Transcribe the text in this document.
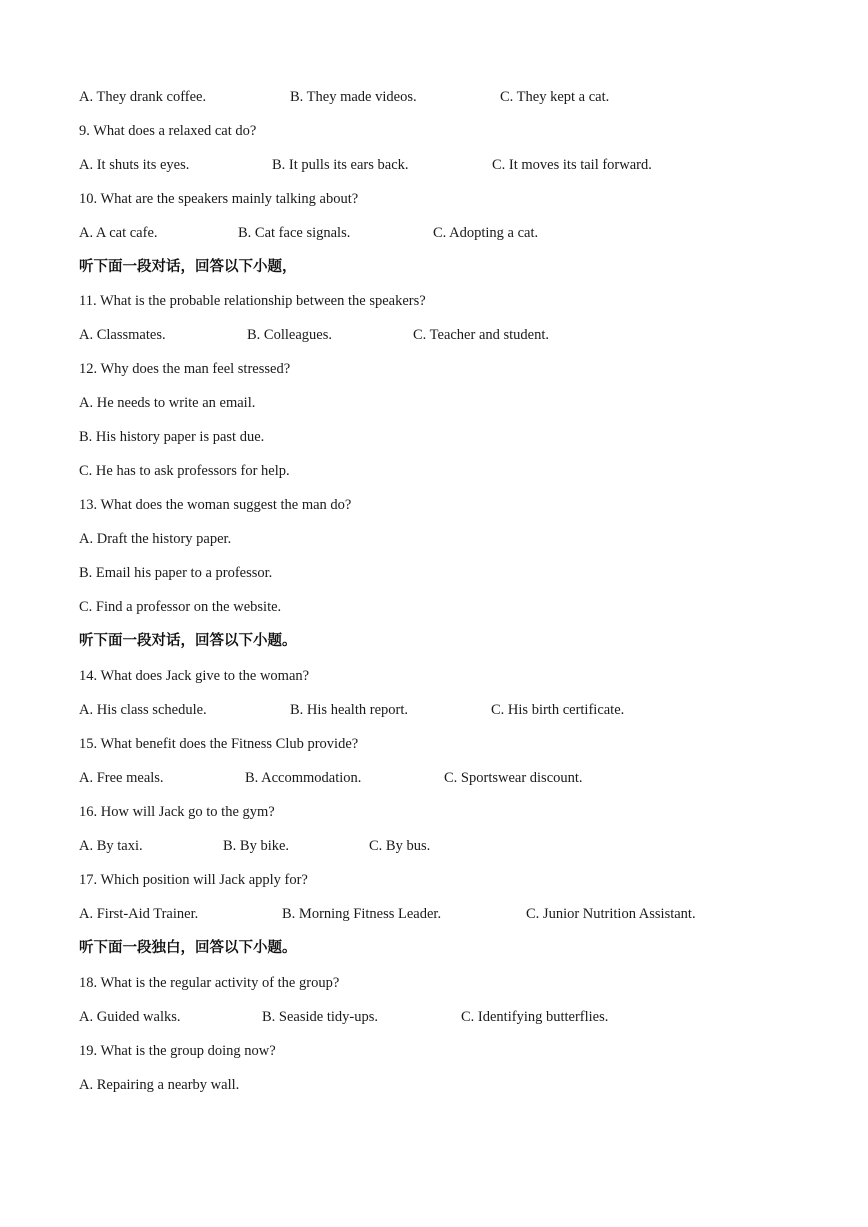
A. They drank coffee.	B. They made videos.	C. They kept a cat.
9. What does a relaxed cat do?
A. It shuts its eyes.	B. It pulls its ears back.	C. It moves its tail forward.
10. What are the speakers mainly talking about?
A. A cat cafe.	B. Cat face signals.	C. Adopting a cat.
听下面一段对话，回答以下小题，
11. What is the probable relationship between the speakers?
A. Classmates.	B. Colleagues.	C. Teacher and student.
12. Why does the man feel stressed?
A. He needs to write an email.
B. His history paper is past due.
C. He has to ask professors for help.
13. What does the woman suggest the man do?
A. Draft the history paper.
B. Email his paper to a professor.
C. Find a professor on the website.
听下面一段对话，回答以下小题。
14. What does Jack give to the woman?
A. His class schedule.	B. His health report.	C. His birth certificate.
15. What benefit does the Fitness Club provide?
A. Free meals.	B. Accommodation.	C. Sportswear discount.
16. How will Jack go to the gym?
A. By taxi.	B. By bike.	C. By bus.
17. Which position will Jack apply for?
A. First-Aid Trainer.	B. Morning Fitness Leader.	C. Junior Nutrition Assistant.
听下面一段独白，回答以下小题。
18. What is the regular activity of the group?
A. Guided walks.	B. Seaside tidy-ups.	C. Identifying butterflies.
19. What is the group doing now?
A. Repairing a nearby wall.
